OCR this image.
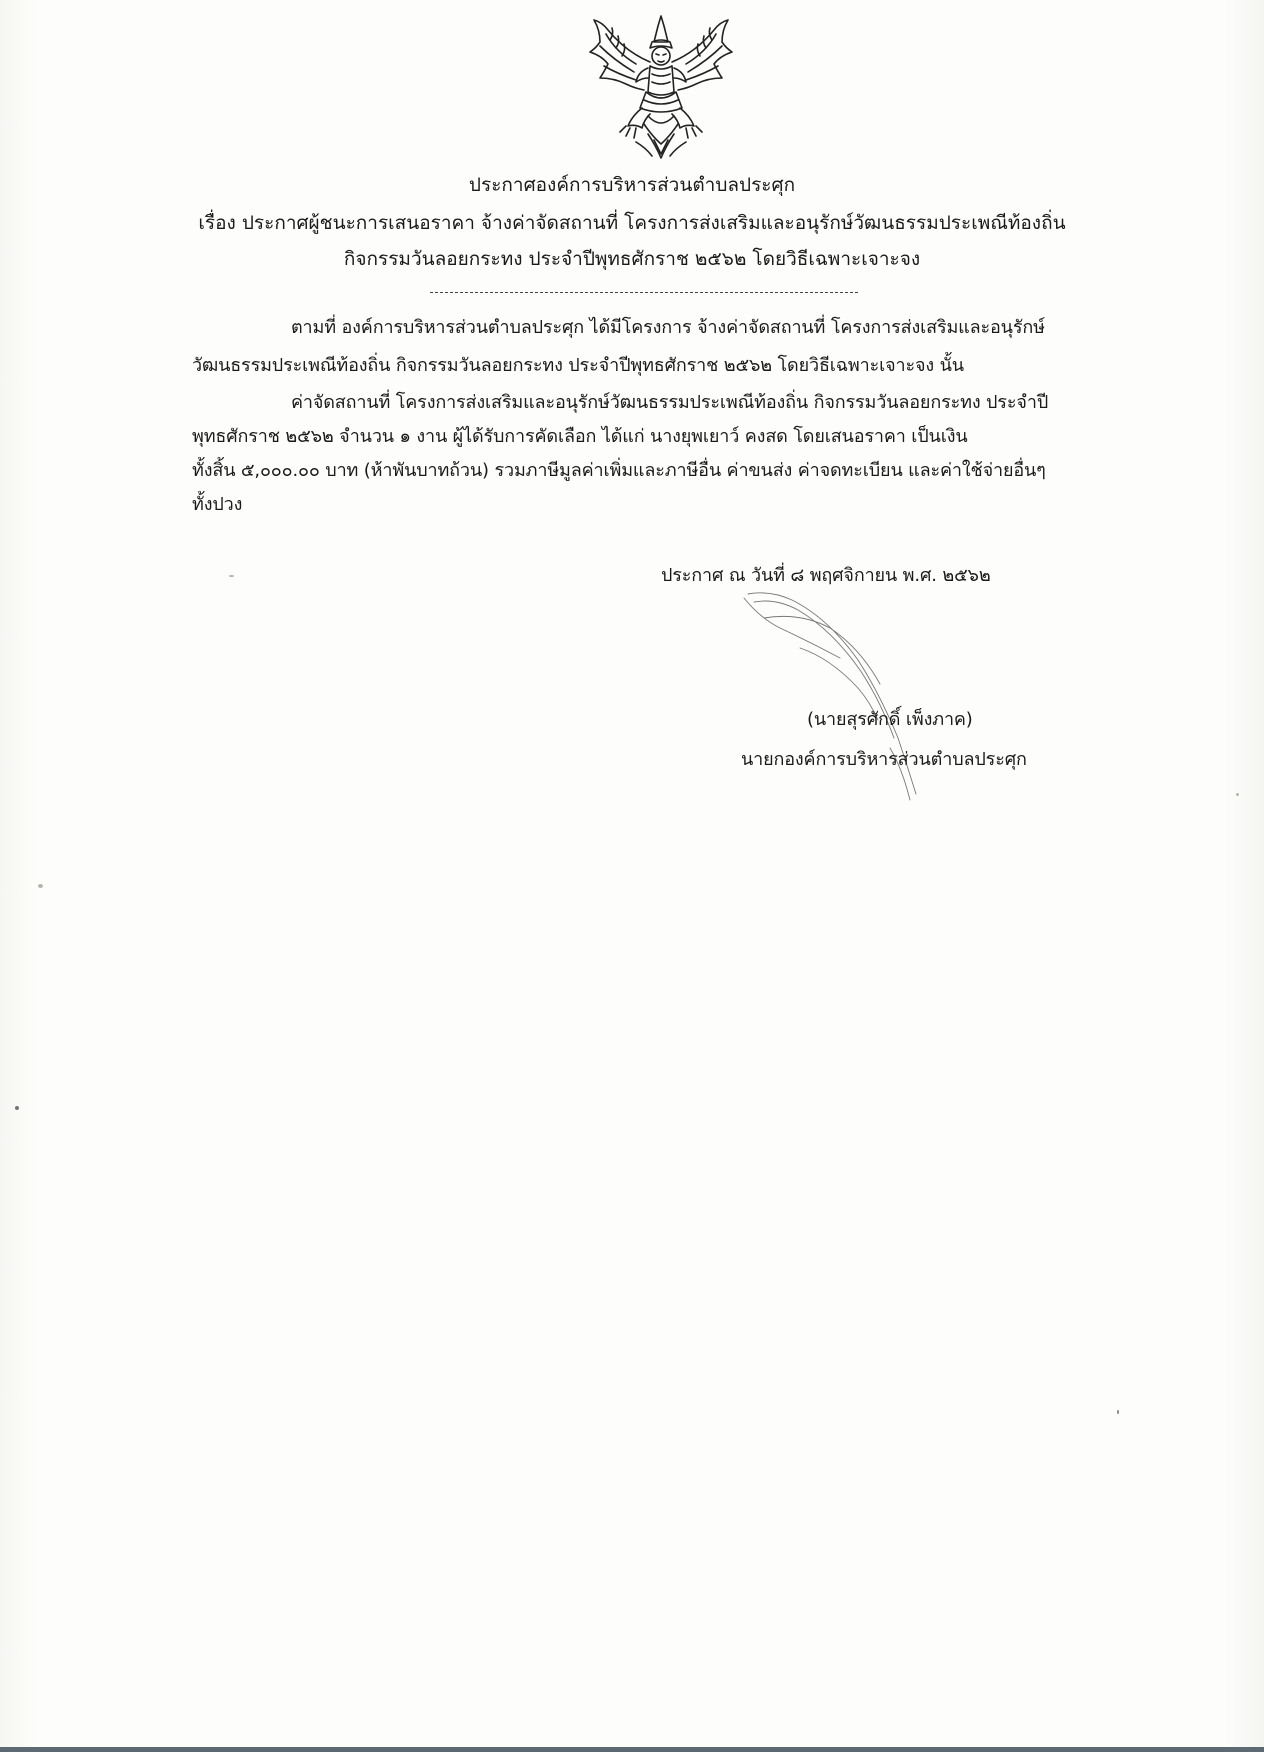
ประกาศองค์การบริหารส่วนตำบลประศุก
เรื่อง ประกาศผู้ชนะการเสนอราคา จ้างค่าจัดสถานที่ โครงการส่งเสริมและอนุรักษ์วัฒนธรรมประเพณีท้องถิ่น
กิจกรรมวันลอยกระทง ประจำปีพุทธศักราช ๒๕๖๒ โดยวิธีเฉพาะเจาะจง
ตามที่ องค์การบริหารส่วนตำบลประศุก ได้มีโครงการ จ้างค่าจัดสถานที่ โครงการส่งเสริมและอนุรักษ์
วัฒนธรรมประเพณีท้องถิ่น กิจกรรมวันลอยกระทง ประจำปีพุทธศักราช ๒๕๖๒ โดยวิธีเฉพาะเจาะจง นั้น
ค่าจัดสถานที่ โครงการส่งเสริมและอนุรักษ์วัฒนธรรมประเพณีท้องถิ่น กิจกรรมวันลอยกระทง ประจำปี
พุทธศักราช ๒๕๖๒ จำนวน ๑ งาน ผู้ได้รับการคัดเลือก ได้แก่ นางยุพเยาว์ คงสด โดยเสนอราคา เป็นเงิน
ทั้งสิ้น ๕,๐๐๐.๐๐ บาท (ห้าพันบาทถ้วน) รวมภาษีมูลค่าเพิ่มและภาษีอื่น ค่าขนส่ง ค่าจดทะเบียน และค่าใช้จ่ายอื่นๆ
ทั้งปวง
ประกาศ ณ วันที่ ๘ พฤศจิกายน พ.ศ. ๒๕๖๒
(นายสุรศักดิ์ เพ็งภาค)
นายกองค์การบริหารส่วนตำบลประศุก
